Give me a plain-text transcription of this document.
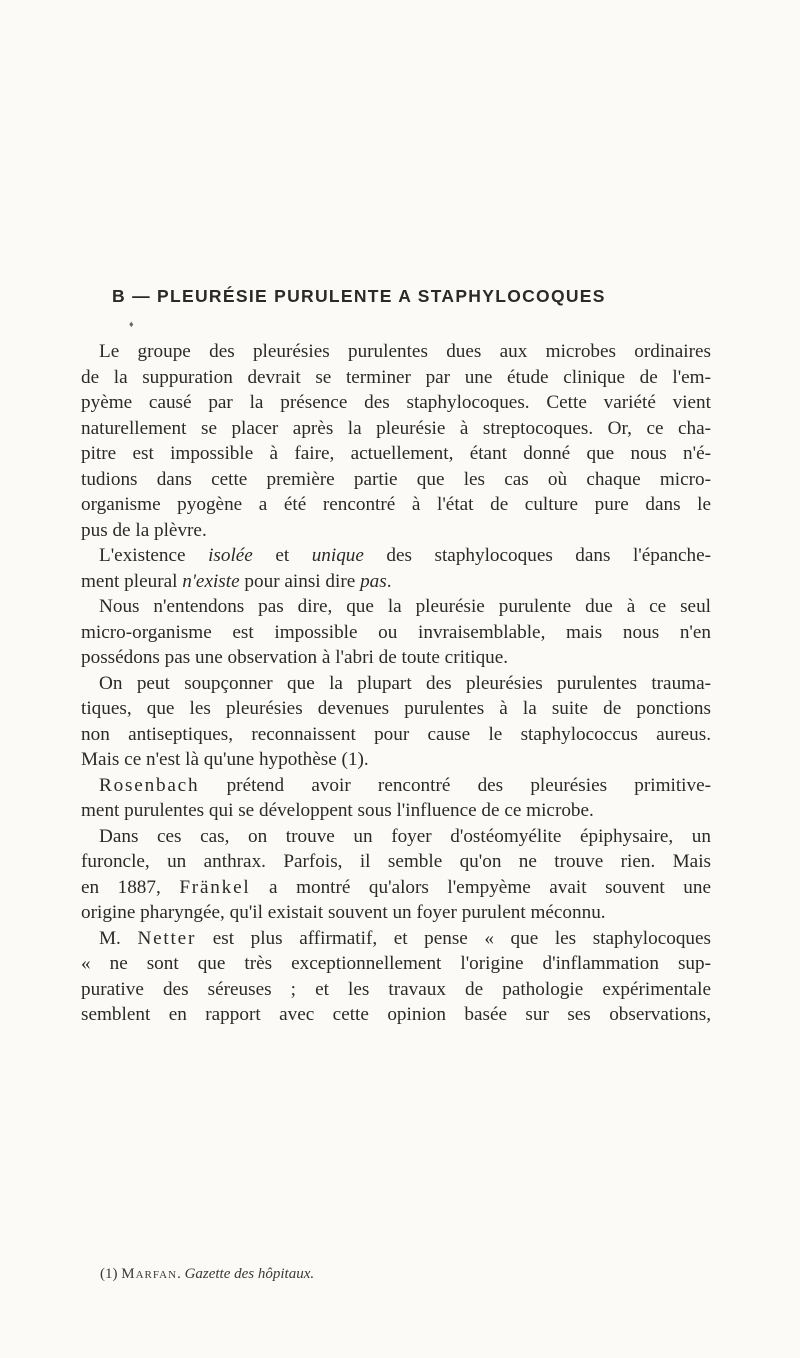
B — PLEURÉSIE PURULENTE A STAPHYLOCOQUES
♦
Le groupe des pleurésies purulentes dues aux microbes ordinaires
de la suppuration devrait se terminer par une étude clinique de l'em-
pyème causé par la présence des staphylocoques. Cette variété vient
naturellement se placer après la pleurésie à streptocoques. Or, ce cha-
pitre est impossible à faire, actuellement, étant donné que nous n'é-
tudions dans cette première partie que les cas où chaque micro-
organisme pyogène a été rencontré à l'état de culture pure dans le
pus de la plèvre.
L'existence isolée et unique des staphylocoques dans l'épanche-
ment pleural n'existe pour ainsi dire pas.
Nous n'entendons pas dire, que la pleurésie purulente due à ce seul
micro-organisme est impossible ou invraisemblable, mais nous n'en
possédons pas une observation à l'abri de toute critique.
On peut soupçonner que la plupart des pleurésies purulentes trauma-
tiques, que les pleurésies devenues purulentes à la suite de ponctions
non antiseptiques, reconnaissent pour cause le staphylococcus aureus.
Mais ce n'est là qu'une hypothèse (1).
Rosenbach prétend avoir rencontré des pleurésies primitive-
ment purulentes qui se développent sous l'influence de ce microbe.
Dans ces cas, on trouve un foyer d'ostéomyélite épiphysaire, un
furoncle, un anthrax. Parfois, il semble qu'on ne trouve rien. Mais
en 1887, Fränkel a montré qu'alors l'empyème avait souvent une
origine pharyngée, qu'il existait souvent un foyer purulent méconnu.
M. Netter est plus affirmatif, et pense « que les staphylocoques
« ne sont que très exceptionnellement l'origine d'inflammation sup-
purative des séreuses ; et les travaux de pathologie expérimentale
semblent en rapport avec cette opinion basée sur ses observations,
(1) Marfan. Gazette des hôpitaux.
